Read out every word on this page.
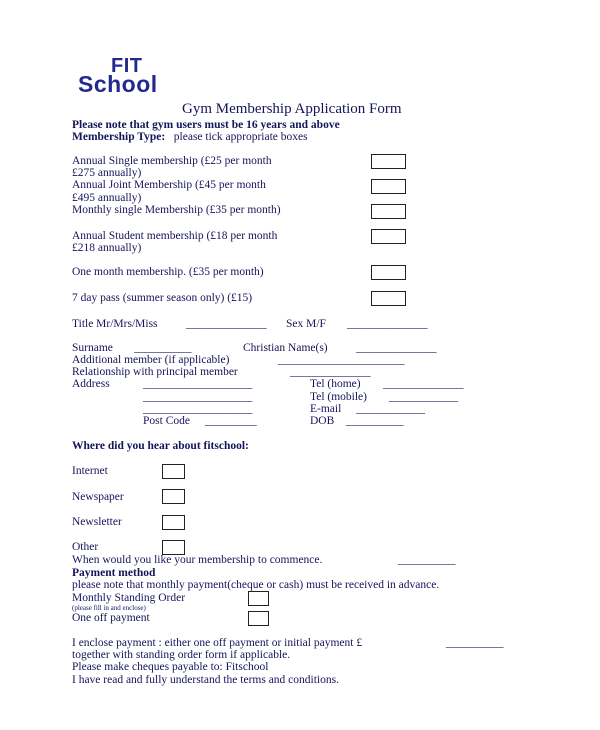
FIT
School
Gym Membership Application Form
Please note that gym users must be 16 years and above
Membership Type: please tick appropriate boxes
Annual Single membership (£25 per month
£275 annually)
Annual Joint Membership (£45 per month
£495 annually)
Monthly single Membership (£35 per month)
Annual Student membership (£18 per month
£218 annually)
One month membership. (£35 per month)
7 day pass (summer season only) (£15)
Title Mr/Mrs/Miss ______________ Sex M/F ______________
Surname __________	Christian Name(s) ______________
Additional member (if applicable)	______________________
Relationship with principal member	______________
Address	___________________	Tel (home) ______________
___________________	Tel (mobile) ____________
___________________	E-mail ____________
Post Code _________	DOB __________
Where did you hear about fitschool:
Internet
Newspaper
Newsletter
Other
When would you like your membership to commence.	__________
Payment method
please note that monthly payment(cheque or cash) must be received in advance.
Monthly Standing Order
(please fill in and enclose)
One off payment
I enclose payment : either one off payment or initial payment £	__________
together with standing order form if applicable.
Please make cheques payable to: Fitschool
I have read and fully understand the terms and conditions.
